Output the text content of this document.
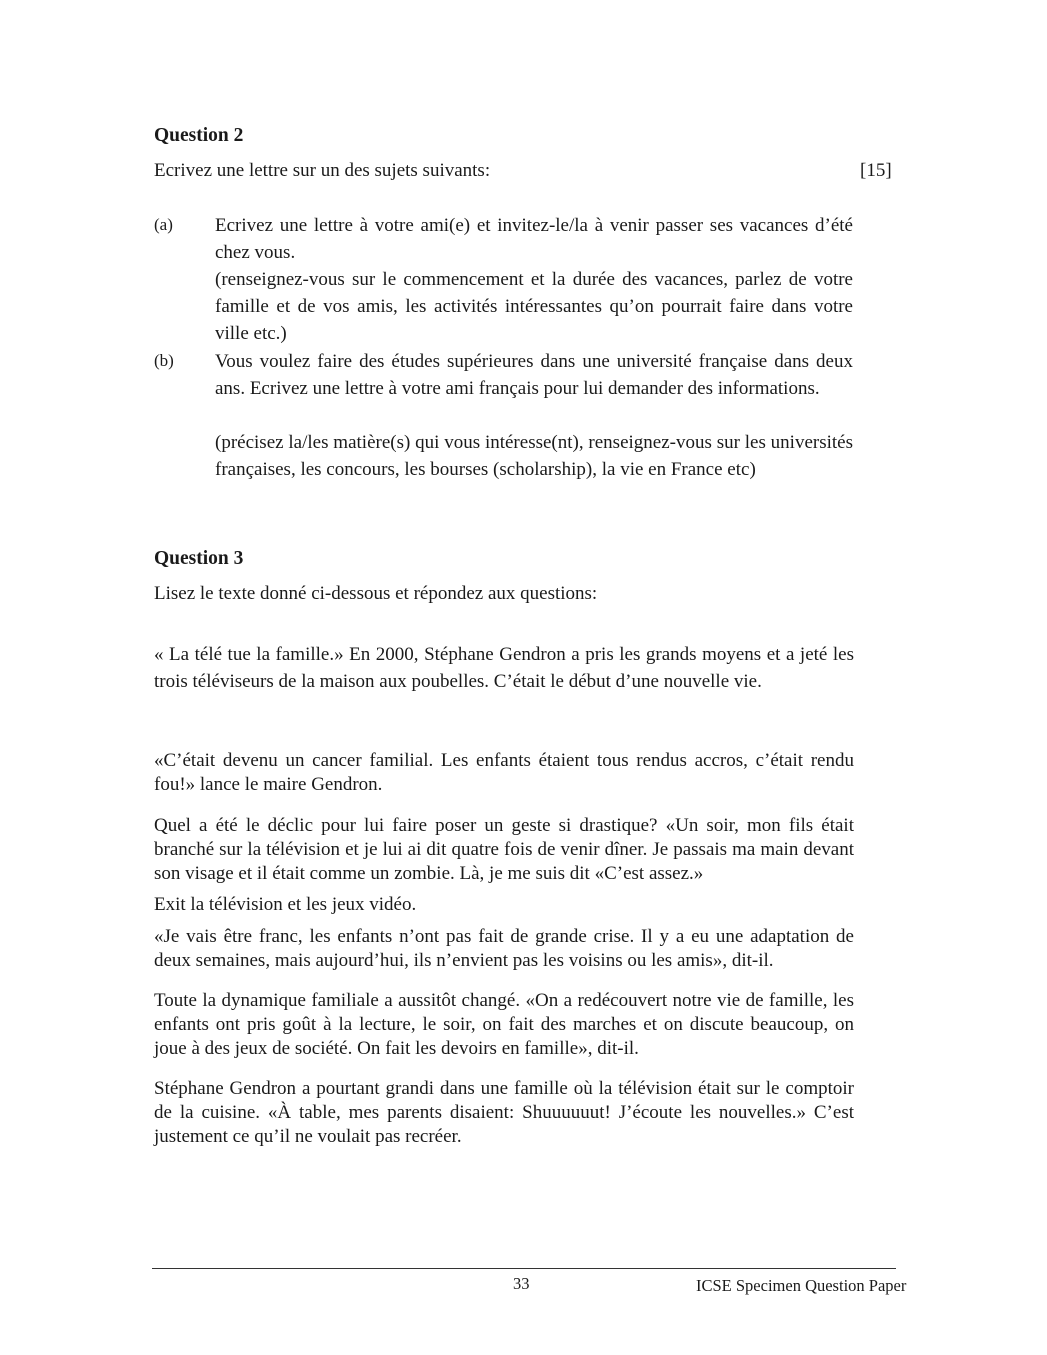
Question 2
Ecrivez une lettre sur un des sujets suivants:	[15]
(a) Ecrivez une lettre à votre ami(e) et invitez-le/la à venir passer ses vacances d’été chez vous.
(renseignez-vous sur le commencement et la durée des vacances, parlez de votre famille et de vos amis, les activités intéressantes qu’on pourrait faire dans votre ville etc.)
(b) Vous voulez faire des études supérieures dans une université française dans deux ans. Ecrivez une lettre à votre ami français pour lui demander des informations.
(précisez la/les matière(s) qui vous intéresse(nt), renseignez-vous sur les universités françaises, les concours, les bourses (scholarship), la vie en France etc)
Question 3
Lisez le texte donné ci-dessous et répondez aux questions:
« La télé tue la famille.» En 2000, Stéphane Gendron a pris les grands moyens et a jeté les trois téléviseurs de la maison aux poubelles. C’était le début d’une nouvelle vie.
«C’était devenu un cancer familial. Les enfants étaient tous rendus accros, c’était rendu fou!» lance le maire Gendron.
Quel a été le déclic pour lui faire poser un geste si drastique? «Un soir, mon fils était branché sur la télévision et je lui ai dit quatre fois de venir dîner. Je passais ma main devant son visage et il était comme un zombie. Là, je me suis dit «C’est assez.»
Exit la télévision et les jeux vidéo.
«Je vais être franc, les enfants n’ont pas fait de grande crise. Il y a eu une adaptation de deux semaines, mais aujourd’hui, ils n’envient pas les voisins ou les amis», dit-il.
Toute la dynamique familiale a aussitôt changé. «On a redécouvert notre vie de famille, les enfants ont pris goût à la lecture, le soir, on fait des marches et on discute beaucoup, on joue à des jeux de société. On fait les devoirs en famille», dit-il.
Stéphane Gendron a pourtant grandi dans une famille où la télévision était sur le comptoir de la cuisine. «À table, mes parents disaient: Shuuuuuut! J’écoute les nouvelles.» C’est justement ce qu’il ne voulait pas recréer.
33	ICSE Specimen Question Paper
